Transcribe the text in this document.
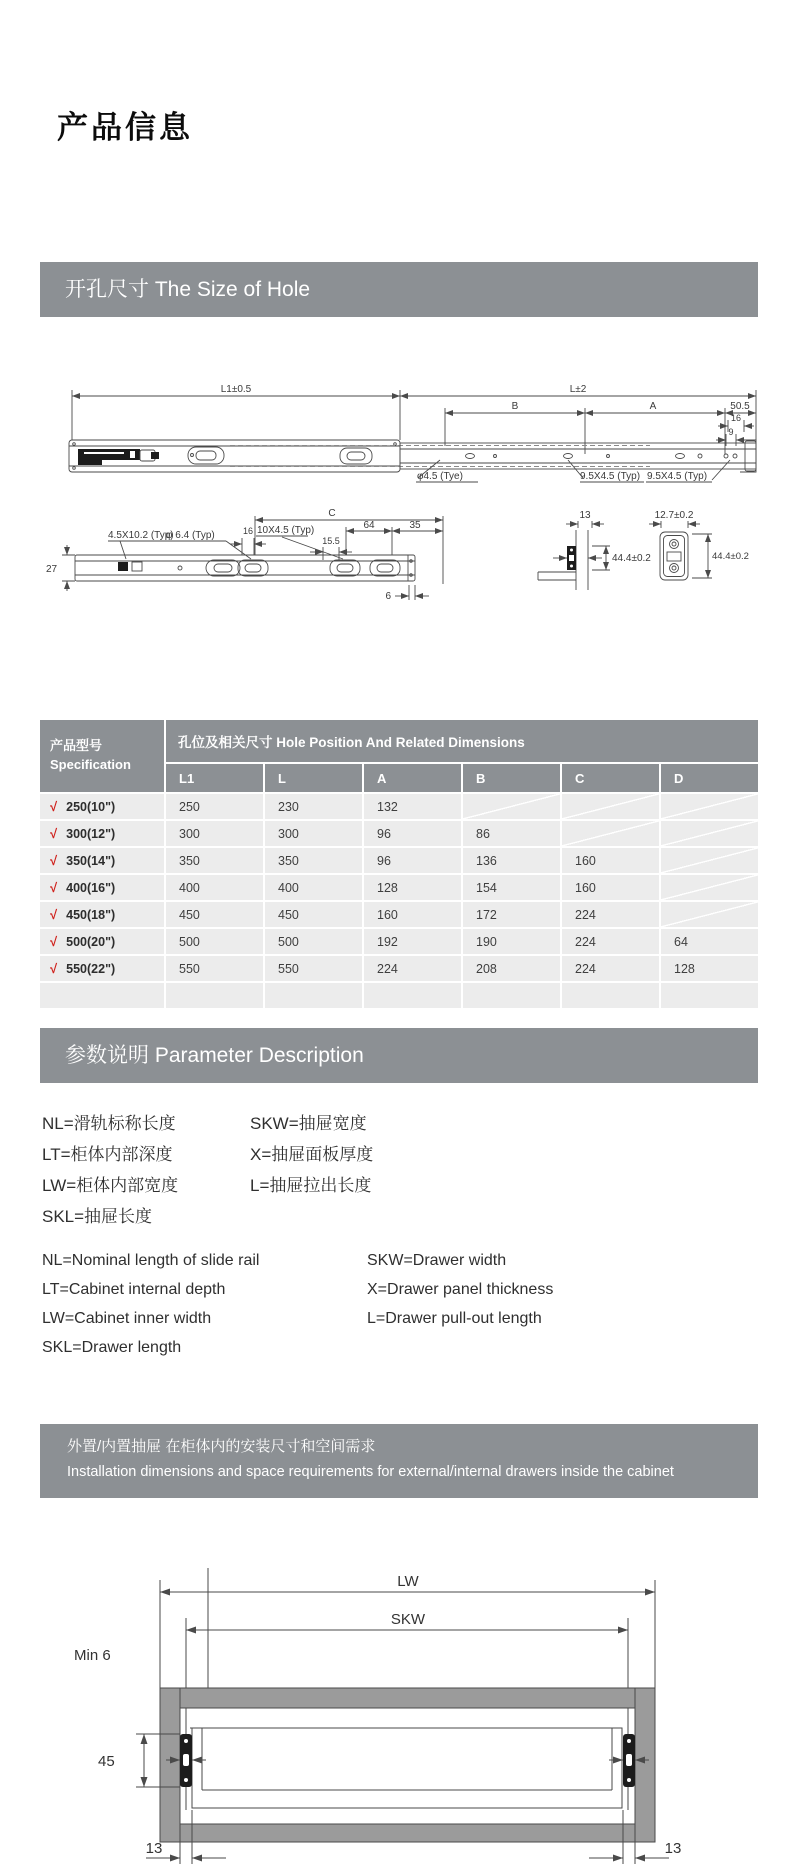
产品信息
开孔尺寸 The Size of Hole
L1±0.5	L±2
B	A	50.5
16
9
φ4.5 (Tye)	9.5X4.5 (Typ) 9.5X4.5 (Typ)
C
64	35
4.5X10.2 (Typ)
φ 6.4 (Typ)	16 10X4.5 (Typ)
15.5
27
6
13	12.7±0.2
44.4±0.2	44.4±0.2
产品型号
Specification	孔位及相关尺寸 Hole Position And Related Dimensions					
	L1	L	A	B	C	D
√ 250(10")	250	230	132			
√ 300(12")	300	300	96	86		
√ 350(14")	350	350	96	136	160	
√ 400(16")	400	400	128	154	160	
√ 450(18")	450	450	160	172	224	
√ 500(20")	500	500	192	190	224	64
√ 550(22")	550	550	224	208	224	128

参数说明 Parameter Description
NL=滑轨标称长度	SKW=抽屉宽度
LT=柜体内部深度	X=抽屉面板厚度
LW=柜体内部宽度	L=抽屉拉出长度
SKL=抽屉长度
NL=Nominal length of slide rail	SKW=Drawer width
LT=Cabinet internal depth	X=Drawer panel thickness
LW=Cabinet inner width	L=Drawer pull-out length
SKL=Drawer length
外置/内置抽屉 在柜体内的安装尺寸和空间需求
Installation dimensions and space requirements for external/internal drawers inside the cabinet
LW
SKW
Min 6
45
13	13
